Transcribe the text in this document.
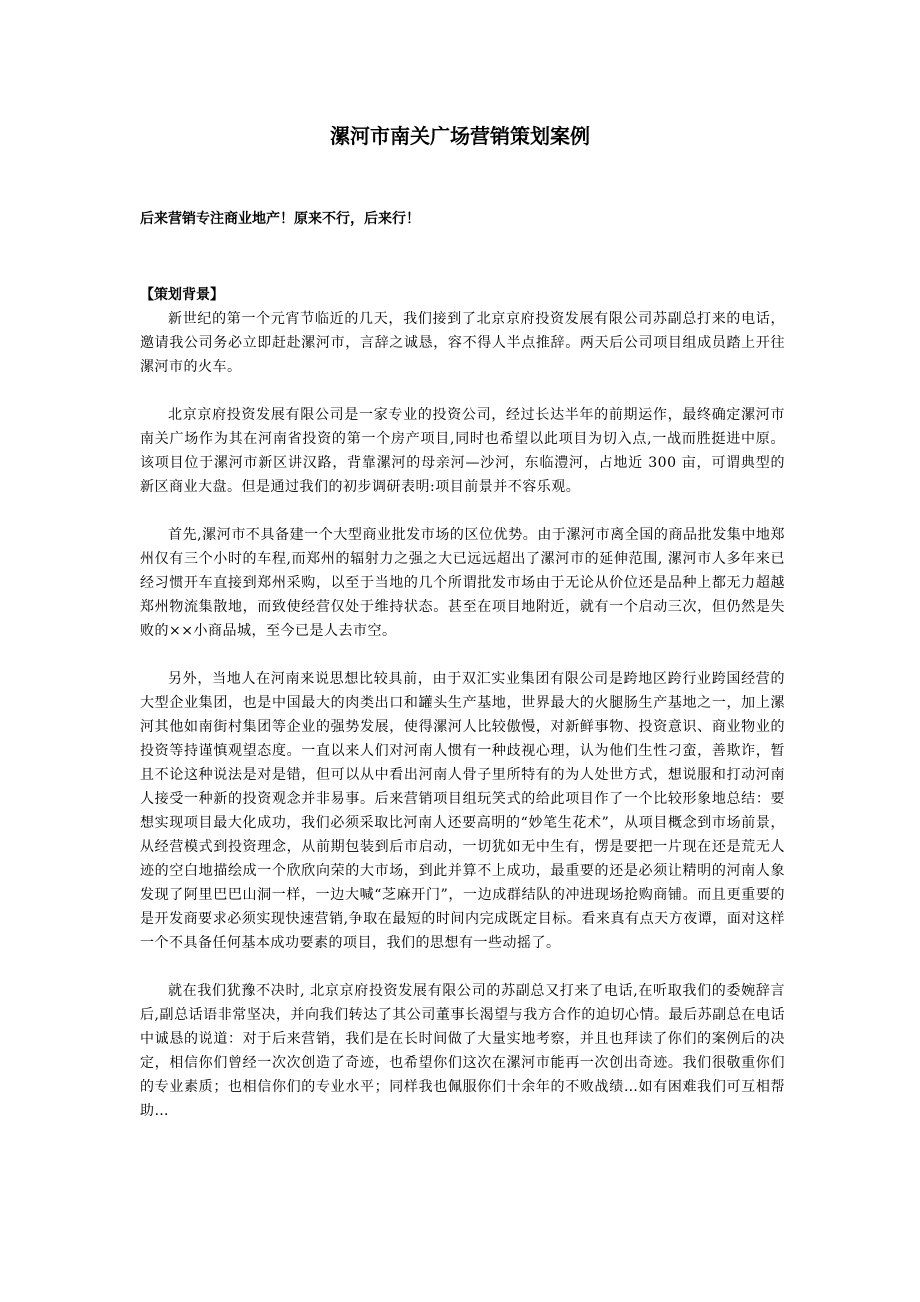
漯河市南关广场营销策划案例
后来营销专注商业地产！原来不行，后来行！
【策划背景】

新世纪的第一个元宵节临近的几天，我们接到了北京京府投资发展有限公司苏副总打来的电话，邀请我公司务必立即赶赴漯河市，言辞之诚恳，容不得人半点推辞。两天后公司项目组成员踏上开往漯河市的火车。

北京京府投资发展有限公司是一家专业的投资公司，经过长达半年的前期运作，最终确定漯河市南关广场作为其在河南省投资的第一个房产项目,同时也希望以此项目为切入点,一战而胜挺进中原。该项目位于漯河市新区讲汉路，背靠漯河的母亲河—沙河，东临澧河，占地近 300 亩，可谓典型的新区商业大盘。但是通过我们的初步调研表明:项目前景并不容乐观。

首先,漯河市不具备建一个大型商业批发市场的区位优势。由于漯河市离全国的商品批发集中地郑州仅有三个小时的车程,而郑州的辐射力之强之大已远远超出了漯河市的延伸范围, 漯河市人多年来已经习惯开车直接到郑州采购，以至于当地的几个所谓批发市场由于无论从价位还是品种上都无力超越郑州物流集散地，而致使经营仅处于维持状态。甚至在项目地附近，就有一个启动三次，但仍然是失败的××小商品城，至今已是人去市空。

另外，当地人在河南来说思想比较具前，由于双汇实业集团有限公司是跨地区跨行业跨国经营的大型企业集团，也是中国最大的肉类出口和罐头生产基地，世界最大的火腿肠生产基地之一，加上漯河其他如南街村集团等企业的强势发展，使得漯河人比较傲慢，对新鲜事物、投资意识、商业物业的投资等持谨慎观望态度。一直以来人们对河南人惯有一种歧视心理，认为他们生性刁蛮，善欺诈，暂且不论这种说法是对是错，但可以从中看出河南人骨子里所特有的为人处世方式，想说服和打动河南人接受一种新的投资观念并非易事。后来营销项目组玩笑式的给此项目作了一个比较形象地总结：要想实现项目最大化成功，我们必须采取比河南人还要高明的“妙笔生花术”，从项目概念到市场前景，从经营模式到投资理念，从前期包装到后市启动，一切犹如无中生有，愣是要把一片现在还是荒无人迹的空白地描绘成一个欣欣向荣的大市场，到此并算不上成功，最重要的还是必须让精明的河南人象发现了阿里巴巴山洞一样，一边大喊“芝麻开门”，一边成群结队的冲进现场抢购商铺。而且更重要的是开发商要求必须实现快速营销,争取在最短的时间内完成既定目标。看来真有点天方夜谭，面对这样一个不具备任何基本成功要素的项目，我们的思想有一些动摇了。

就在我们犹豫不决时, 北京京府投资发展有限公司的苏副总又打来了电话,在听取我们的委婉辞言后,副总话语非常坚决，并向我们转达了其公司董事长渴望与我方合作的迫切心情。最后苏副总在电话中诚恳的说道：对于后来营销，我们是在长时间做了大量实地考察，并且也拜读了你们的案例后的决定，相信你们曾经一次次创造了奇迹，也希望你们这次在漯河市能再一次创出奇迹。我们很敬重你们的专业素质；也相信你们的专业水平；同样我也佩服你们十余年的不败战绩…如有困难我们可互相帮助…
